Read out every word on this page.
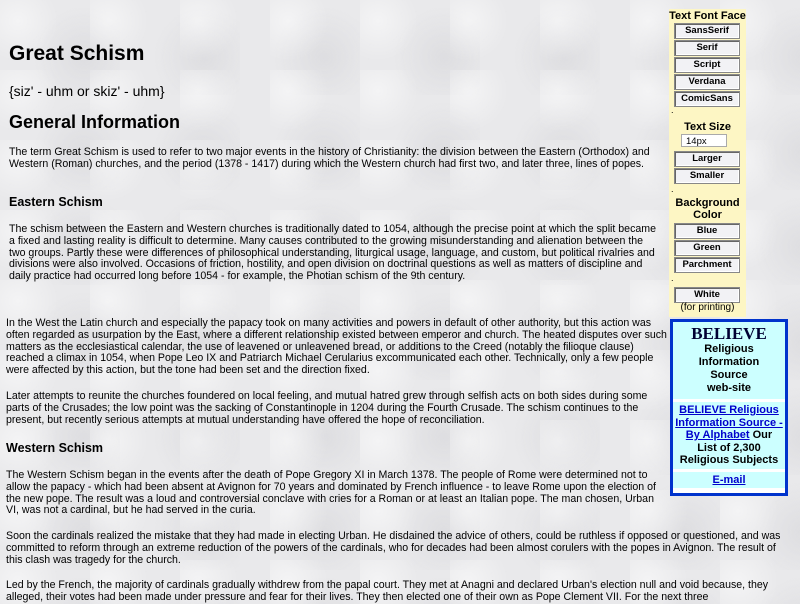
Great Schism
{siz' - uhm or skiz' - uhm}
General Information

The term Great Schism is used to refer to two major events in the history of Christianity: the division between the Eastern (Orthodox) and Western (Roman) churches, and the period (1378 - 1417) during which the Western church had first two, and later three, lines of popes.

Eastern Schism

The schism between the Eastern and Western churches is traditionally dated to 1054, although the precise point at which the split became a fixed and lasting reality is difficult to determine. Many causes contributed to the growing misunderstanding and alienation between the two groups. Partly these were differences of philosophical understanding, liturgical usage, language, and custom, but political rivalries and divisions were also involved. Occasions of friction, hostility, and open division on doctrinal questions as well as matters of discipline and daily practice had occurred long before 1054 - for example, the Photian schism of the 9th century.

In the West the Latin church and especially the papacy took on many activities and powers in default of other authority, but this action was often regarded as usurpation by the East, where a different relationship existed between emperor and church. The heated disputes over such matters as the ecclesiastical calendar, the use of leavened or unleavened bread, or additions to the Creed (notably the filioque clause) reached a climax in 1054, when Pope Leo IX and Patriarch Michael Cerularius excommunicated each other. Technically, only a few people were affected by this action, but the tone had been set and the direction fixed.

Later attempts to reunite the churches foundered on local feeling, and mutual hatred grew through selfish acts on both sides during some parts of the Crusades; the low point was the sacking of Constantinople in 1204 during the Fourth Crusade. The schism continues to the present, but recently serious attempts at mutual understanding have offered the hope of reconciliation.

Western Schism

The Western Schism began in the events after the death of Pope Gregory XI in March 1378. The people of Rome were determined not to allow the papacy - which had been absent at Avignon for 70 years and dominated by French influence - to leave Rome upon the election of the new pope. The result was a loud and controversial conclave with cries for a Roman or at least an Italian pope. The man chosen, Urban VI, was not a cardinal, but he had served in the curia.

Soon the cardinals realized the mistake that they had made in electing Urban. He disdained the advice of others, could be ruthless if opposed or questioned, and was committed to reform through an extreme reduction of the powers of the cardinals, who for decades had been almost corulers with the popes in Avignon. The result of this clash was tragedy for the church.

Led by the French, the majority of cardinals gradually withdrew from the papal court. They met at Anagni and declared Urban's election null and void because, they alleged, their votes had been made under pressure and fear for their lives. They then elected one of their own as Pope Clement VII. For the next three

Text Font Face
SansSerif
Serif
Script
Verdana
ComicSans
.
Text Size
14px
Larger
Smaller
.
Background
Color
Blue
Green
Parchment
.
White
(for printing)
BELIEVE
Religious
Information
Source
web-site
BELIEVE Religious Information Source - By Alphabet Our List of 2,300 Religious Subjects
E-mail
